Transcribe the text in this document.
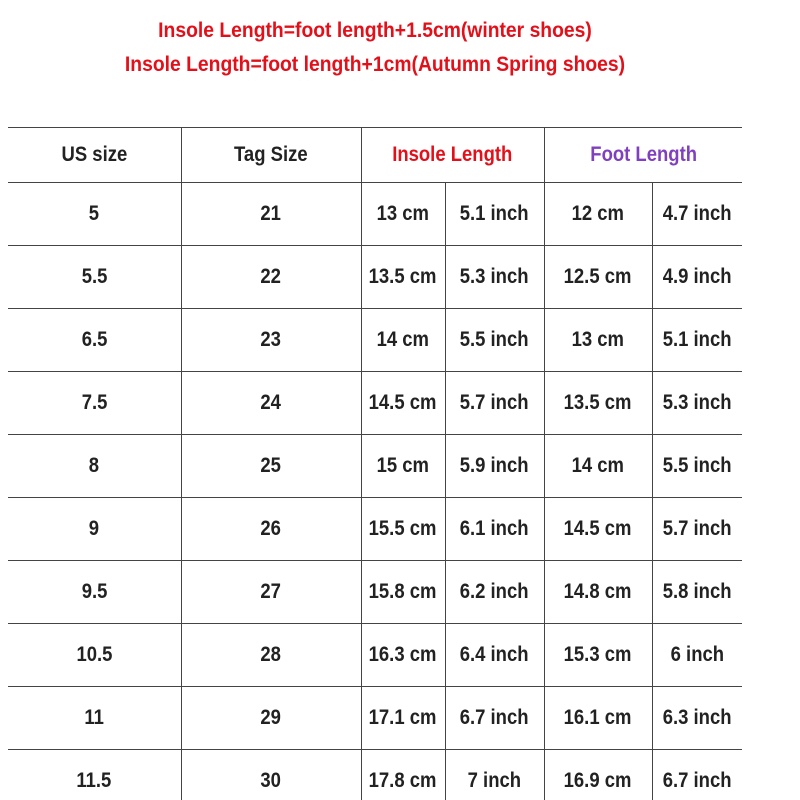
Insole Length=foot length+1.5cm(winter shoes)
Insole Length=foot length+1cm(Autumn Spring shoes)
US size	Tag Size	Insole Length		Foot Length	
5	21	13 cm	5.1 inch	12 cm	4.7 inch
5.5	22	13.5 cm	5.3 inch	12.5 cm	4.9 inch
6.5	23	14 cm	5.5 inch	13 cm	5.1 inch
7.5	24	14.5 cm	5.7 inch	13.5 cm	5.3 inch
8	25	15 cm	5.9 inch	14 cm	5.5 inch
9	26	15.5 cm	6.1 inch	14.5 cm	5.7 inch
9.5	27	15.8 cm	6.2 inch	14.8 cm	5.8 inch
10.5	28	16.3 cm	6.4 inch	15.3 cm	6 inch
11	29	17.1 cm	6.7 inch	16.1 cm	6.3 inch
11.5	30	17.8 cm	7 inch	16.9 cm	6.7 inch
